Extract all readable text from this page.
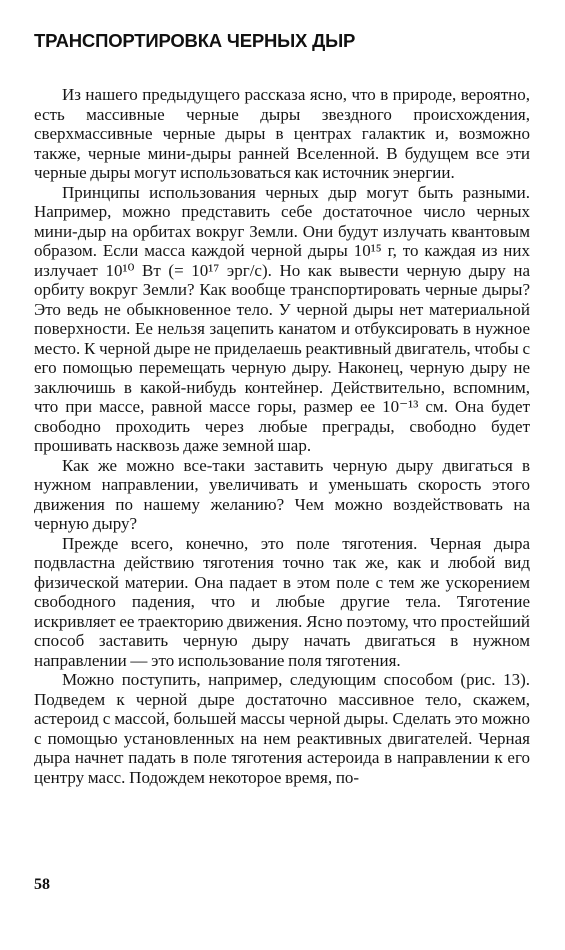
ТРАНСПОРТИРОВКА ЧЕРНЫХ ДЫР

Из нашего предыдущего рассказа ясно, что в природе, вероятно, есть массивные черные дыры звездного происхождения, сверхмассивные черные дыры в центрах галактик и, возможно также, черные мини-дыры ранней Вселенной. В будущем все эти черные дыры могут использоваться как источник энергии.

Принципы использования черных дыр могут быть разными. Например, можно представить себе достаточное число черных мини-дыр на орбитах вокруг Земли. Они будут излучать квантовым образом. Если масса каждой черной дыры 10¹⁵ г, то каждая из них излучает 10¹⁰ Вт (= 10¹⁷ эрг/с). Но как вывести черную дыру на орбиту вокруг Земли? Как вообще транспортировать черные дыры? Это ведь не обыкновенное тело. У черной дыры нет материальной поверхности. Ее нельзя зацепить канатом и отбуксировать в нужное место. К черной дыре не приделаешь реактивный двигатель, чтобы с его помощью перемещать черную дыру. Наконец, черную дыру не заключишь в какой-нибудь контейнер. Действительно, вспомним, что при массе, равной массе горы, размер ее 10⁻¹³ см. Она будет свободно проходить через любые преграды, свободно будет прошивать насквозь даже земной шар.

Как же можно все-таки заставить черную дыру двигаться в нужном направлении, увеличивать и уменьшать скорость этого движения по нашему желанию? Чем можно воздействовать на черную дыру?

Прежде всего, конечно, это поле тяготения. Черная дыра подвластна действию тяготения точно так же, как и любой вид физической материи. Она падает в этом поле с тем же ускорением свободного падения, что и любые другие тела. Тяготение искривляет ее траекторию движения. Ясно поэтому, что простейший способ заставить черную дыру начать двигаться в нужном направлении — это использование поля тяготения.

Можно поступить, например, следующим способом (рис. 13). Подведем к черной дыре достаточно массивное тело, скажем, астероид с массой, большей массы черной дыры. Сделать это можно с помощью установленных на нем реактивных двигателей. Черная дыра начнет падать в поле тяготения астероида в направлении к его центру масс. Подождем некоторое время, по-

58
